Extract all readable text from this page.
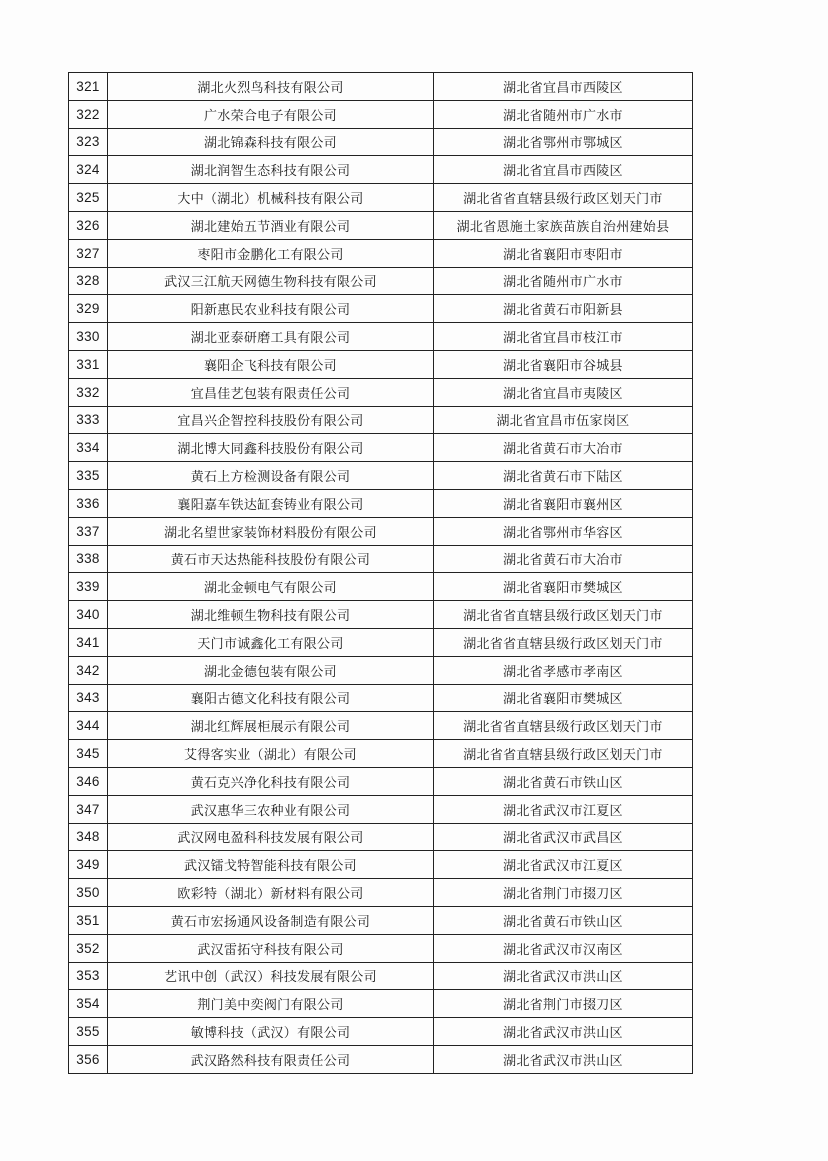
321	湖北火烈鸟科技有限公司	湖北省宜昌市西陵区
322	广水荣合电子有限公司	湖北省随州市广水市
323	湖北锦森科技有限公司	湖北省鄂州市鄂城区
324	湖北润智生态科技有限公司	湖北省宜昌市西陵区
325	大中（湖北）机械科技有限公司	湖北省省直辖县级行政区划天门市
326	湖北建始五节酒业有限公司	湖北省恩施土家族苗族自治州建始县
327	枣阳市金鹏化工有限公司	湖北省襄阳市枣阳市
328	武汉三江航天网德生物科技有限公司	湖北省随州市广水市
329	阳新惠民农业科技有限公司	湖北省黄石市阳新县
330	湖北亚泰研磨工具有限公司	湖北省宜昌市枝江市
331	襄阳企飞科技有限公司	湖北省襄阳市谷城县
332	宜昌佳艺包装有限责任公司	湖北省宜昌市夷陵区
333	宜昌兴企智控科技股份有限公司	湖北省宜昌市伍家岗区
334	湖北博大同鑫科技股份有限公司	湖北省黄石市大冶市
335	黄石上方检测设备有限公司	湖北省黄石市下陆区
336	襄阳嘉车铁达缸套铸业有限公司	湖北省襄阳市襄州区
337	湖北名望世家装饰材料股份有限公司	湖北省鄂州市华容区
338	黄石市天达热能科技股份有限公司	湖北省黄石市大冶市
339	湖北金顿电气有限公司	湖北省襄阳市樊城区
340	湖北维顿生物科技有限公司	湖北省省直辖县级行政区划天门市
341	天门市诚鑫化工有限公司	湖北省省直辖县级行政区划天门市
342	湖北金德包装有限公司	湖北省孝感市孝南区
343	襄阳古德文化科技有限公司	湖北省襄阳市樊城区
344	湖北红辉展柜展示有限公司	湖北省省直辖县级行政区划天门市
345	艾得客实业（湖北）有限公司	湖北省省直辖县级行政区划天门市
346	黄石克兴净化科技有限公司	湖北省黄石市铁山区
347	武汉惠华三农种业有限公司	湖北省武汉市江夏区
348	武汉网电盈科科技发展有限公司	湖北省武汉市武昌区
349	武汉镭戈特智能科技有限公司	湖北省武汉市江夏区
350	欧彩特（湖北）新材料有限公司	湖北省荆门市掇刀区
351	黄石市宏扬通风设备制造有限公司	湖北省黄石市铁山区
352	武汉雷拓守科技有限公司	湖北省武汉市汉南区
353	艺讯中创（武汉）科技发展有限公司	湖北省武汉市洪山区
354	荆门美中奕阀门有限公司	湖北省荆门市掇刀区
355	敏博科技（武汉）有限公司	湖北省武汉市洪山区
356	武汉路然科技有限责任公司	湖北省武汉市洪山区
